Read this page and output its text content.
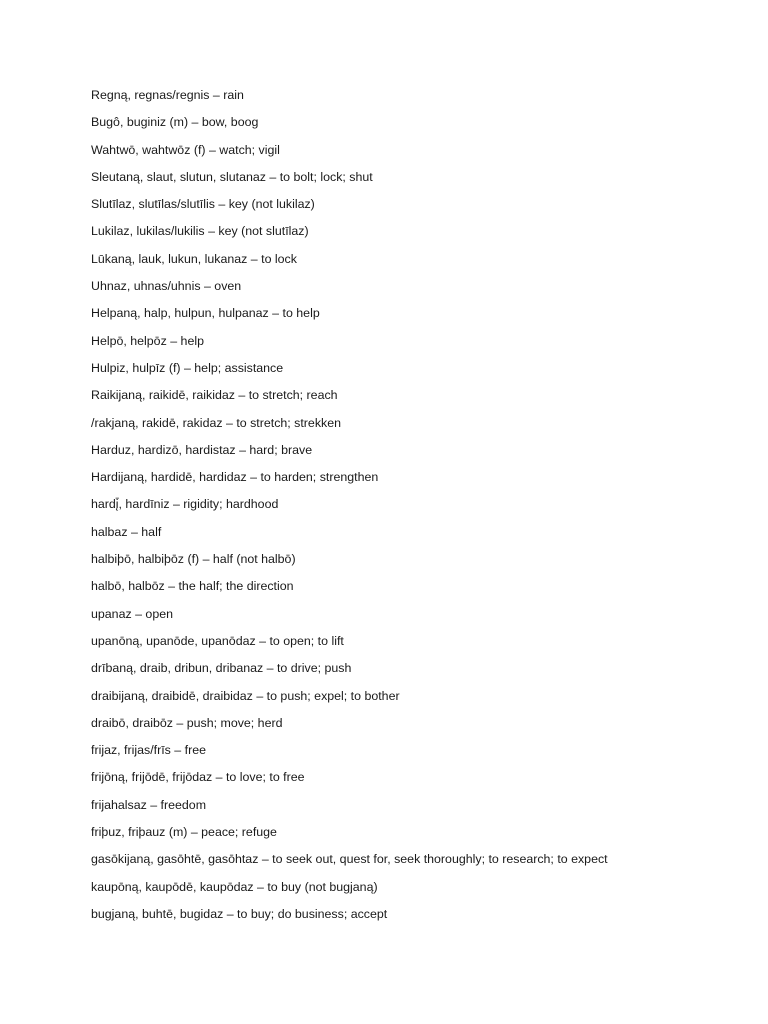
Regną, regnas/regnis – rain
Bugô, buginiz (m) – bow, boog
Wahtwō, wahtwōz (f) – watch; vigil
Sleutaną, slaut, slutun, slutanaz – to bolt; lock; shut
Slutīlaz, slutīlas/slutīlis – key (not lukilaz)
Lukilaz, lukilas/lukilis – key (not slutīlaz)
Lūkaną, lauk, lukun, lukanaz – to lock
Uhnaz, uhnas/uhnis – oven
Helpaną, halp, hulpun, hulpanaz – to help
Helpō, helpōz – help
Hulpiz, hulpīz (f) – help; assistance
Raikijaną, raikidē, raikidaz – to stretch; reach
/rakjaną, rakidē, rakidaz – to stretch; strekken
Harduz, hardizō, hardistaz – hard; brave
Hardijaną, hardidē, hardidaz – to harden; strengthen
hardį̄, hardīniz – rigidity; hardhood
halbaz – half
halbiþō, halbiþōz (f) – half (not halbō)
halbō, halbōz – the half; the direction
upanaz – open
upanōną, upanōde, upanōdaz – to open; to lift
drībaną, draib, dribun, dribanaz – to drive; push
draibijaną, draibidē, draibidaz – to push; expel; to bother
draibō, draibōz – push; move; herd
frijaz, frijas/frīs – free
frijōną, frijōdē, frijōdaz – to love; to free
frijahalsaz – freedom
friþuz, friþauz (m) – peace; refuge
gasōkijaną, gasōhtē, gasōhtaz – to seek out, quest for, seek thoroughly; to research; to expect
kaupōną, kaupōdē, kaupōdaz – to buy (not bugjaną)
bugjaną, buhtē, bugidaz – to buy; do business; accept
